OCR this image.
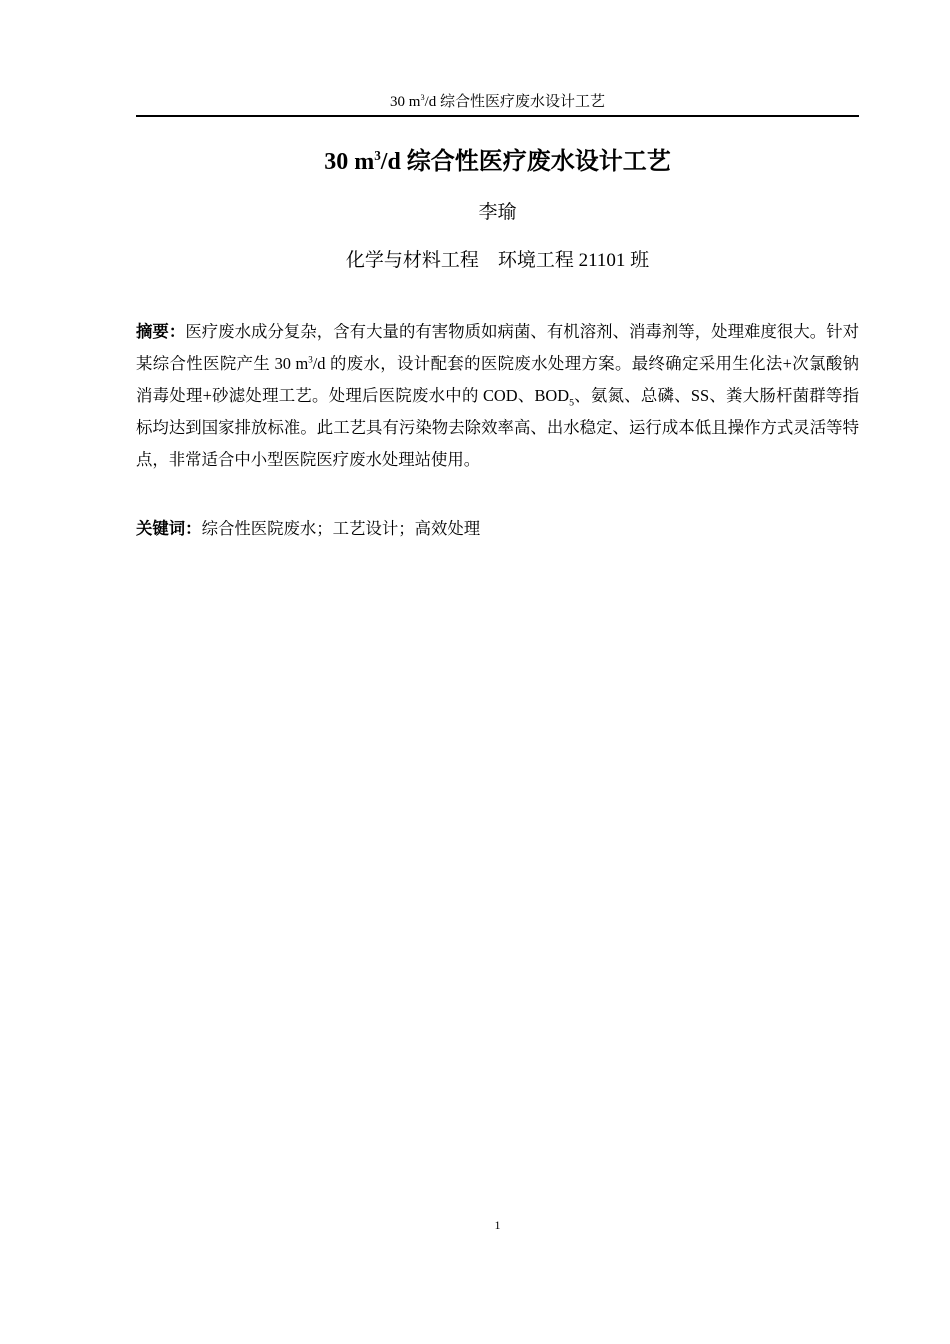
30 $m^3/d$ 综合性医疗废水设计工艺
30 $m^3/d$ 综合性医疗废水设计工艺
李瑜
化学与材料工程　环境工程 21101 班

摘要：医疗废水成分复杂，含有大量的有害物质如病菌、有机溶剂、消毒剂等，处理难度很大。针对某综合性医院产生 30 $m^3/d$ 的废水，设计配套的医院废水处理方案。最终确定采用生化法+次氯酸钠消毒处理+砂滤处理工艺。处理后医院废水中的 COD、$BOD_5$、氨氮、总磷、SS、粪大肠杆菌群等指标均达到国家排放标准。此工艺具有污染物去除效率高、出水稳定、运行成本低且操作方式灵活等特点，非常适合中小型医院医疗废水处理站使用。

关键词：综合性医院废水；工艺设计；高效处理
1
